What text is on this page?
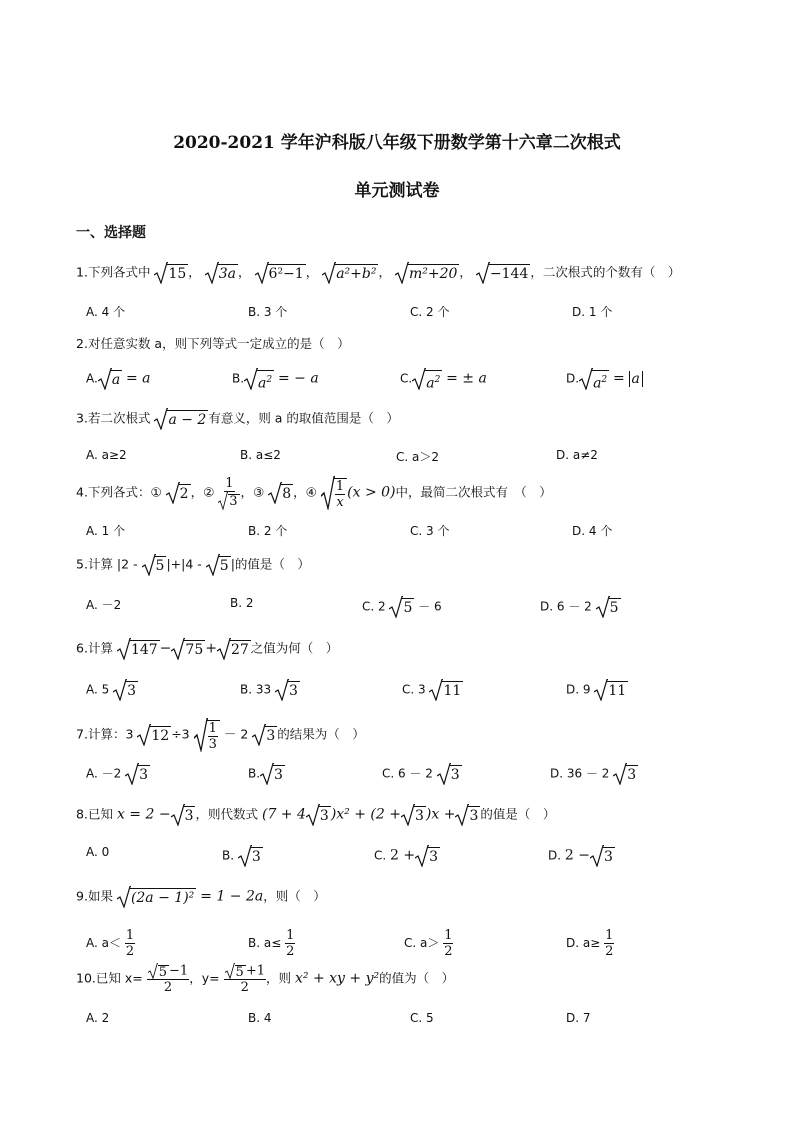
2020-2021 学年沪科版八年级下册数学第十六章二次根式
单元测试卷
一、选择题
1.下列各式中 15 ， 3a ， 6²−1 ， a²+b² ， m²+20 ， −144 ，二次根式的个数有（　）
A. 4 个	B. 3 个	C. 2 个	D. 1 个
2.对任意实数 a，则下列等式一定成立的是（　）
A. a = a	B. $a^2$ = − a	C. $a^2$ = ± a	D. $a^2 = a$
3.若二次根式 a − 2 有意义，则 a 的取值范围是（　）
A. a≥2	B. a≤2	C. a＞2	D. a≠2
4.下列各式：① 2 ，② $\frac{1}{3}$ ，③ 8 ，④ $\frac{1}{x} (x > 0)$中，最简二次根式有　（　）
A. 1 个	B. 2 个	C. 3 个	D. 4 个
5.计算 |2 - 5 |+|4 - 5 |的值是（　）
A. －2	B. 2	C. 2 5 － 6	D. 6 － 2 5
6.计算 147 − 75 + 27 之值为何（　）
A. 5 3	B. 33 3	C. 3 11	D. 9 11
7.计算：3 $12 \div 3 \frac{1}{3} - 2$ 3 的结果为（　）
A. －2 3	B. 3	C. 6 － 2 3	D. 36 － 2 3
8.已知 x = 2 − 3 ，则代数式 (7 + 4 3 )x² + (2 + 3 )x + 3 的值是（　）
A. 0	B. 3	C. 2 + 3	D. 2 − 3
9.如果 (2a − 1)² = 1 − 2a，则（　）
A. $a< \frac{1}{2}$	B. $a\le \frac{1}{2}$	C. $a> \frac{1}{2}$	D. $a\ge \frac{1}{2}$
10.已知 $x= \frac{5 -1}{2}$ ，$y= \frac{5 +1}{2}$ ，则 x² + xy + y²的值为（　）
A. 2	B. 4	C. 5	D. 7
